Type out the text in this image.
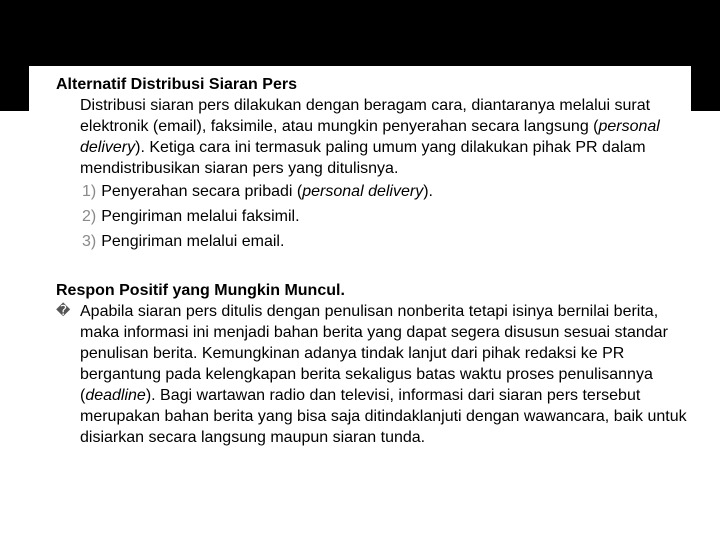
Alternatif Distribusi Siaran Pers

Distribusi siaran pers dilakukan dengan beragam cara, diantaranya melalui surat elektronik (email), faksimile, atau mungkin penyerahan secara langsung (personal delivery). Ketiga cara ini termasuk paling umum yang dilakukan pihak PR dalam mendistribusikan siaran pers yang ditulisnya.

1) Penyerahan secara pribadi (personal delivery).
2) Pengiriman melalui faksimil.
3) Pengiriman melalui email.

Respon Positif yang Mungkin Muncul.

� Apabila siaran pers ditulis dengan penulisan nonberita tetapi isinya bernilai berita, maka informasi ini menjadi bahan berita yang dapat segera disusun sesuai standar penulisan berita. Kemungkinan adanya tindak lanjut dari pihak redaksi ke PR bergantung pada kelengkapan berita sekaligus batas waktu proses penulisannya (deadline). Bagi wartawan radio dan televisi, informasi dari siaran pers tersebut merupakan bahan berita yang bisa saja ditindaklanjuti dengan wawancara, baik untuk disiarkan secara langsung maupun siaran tunda.
